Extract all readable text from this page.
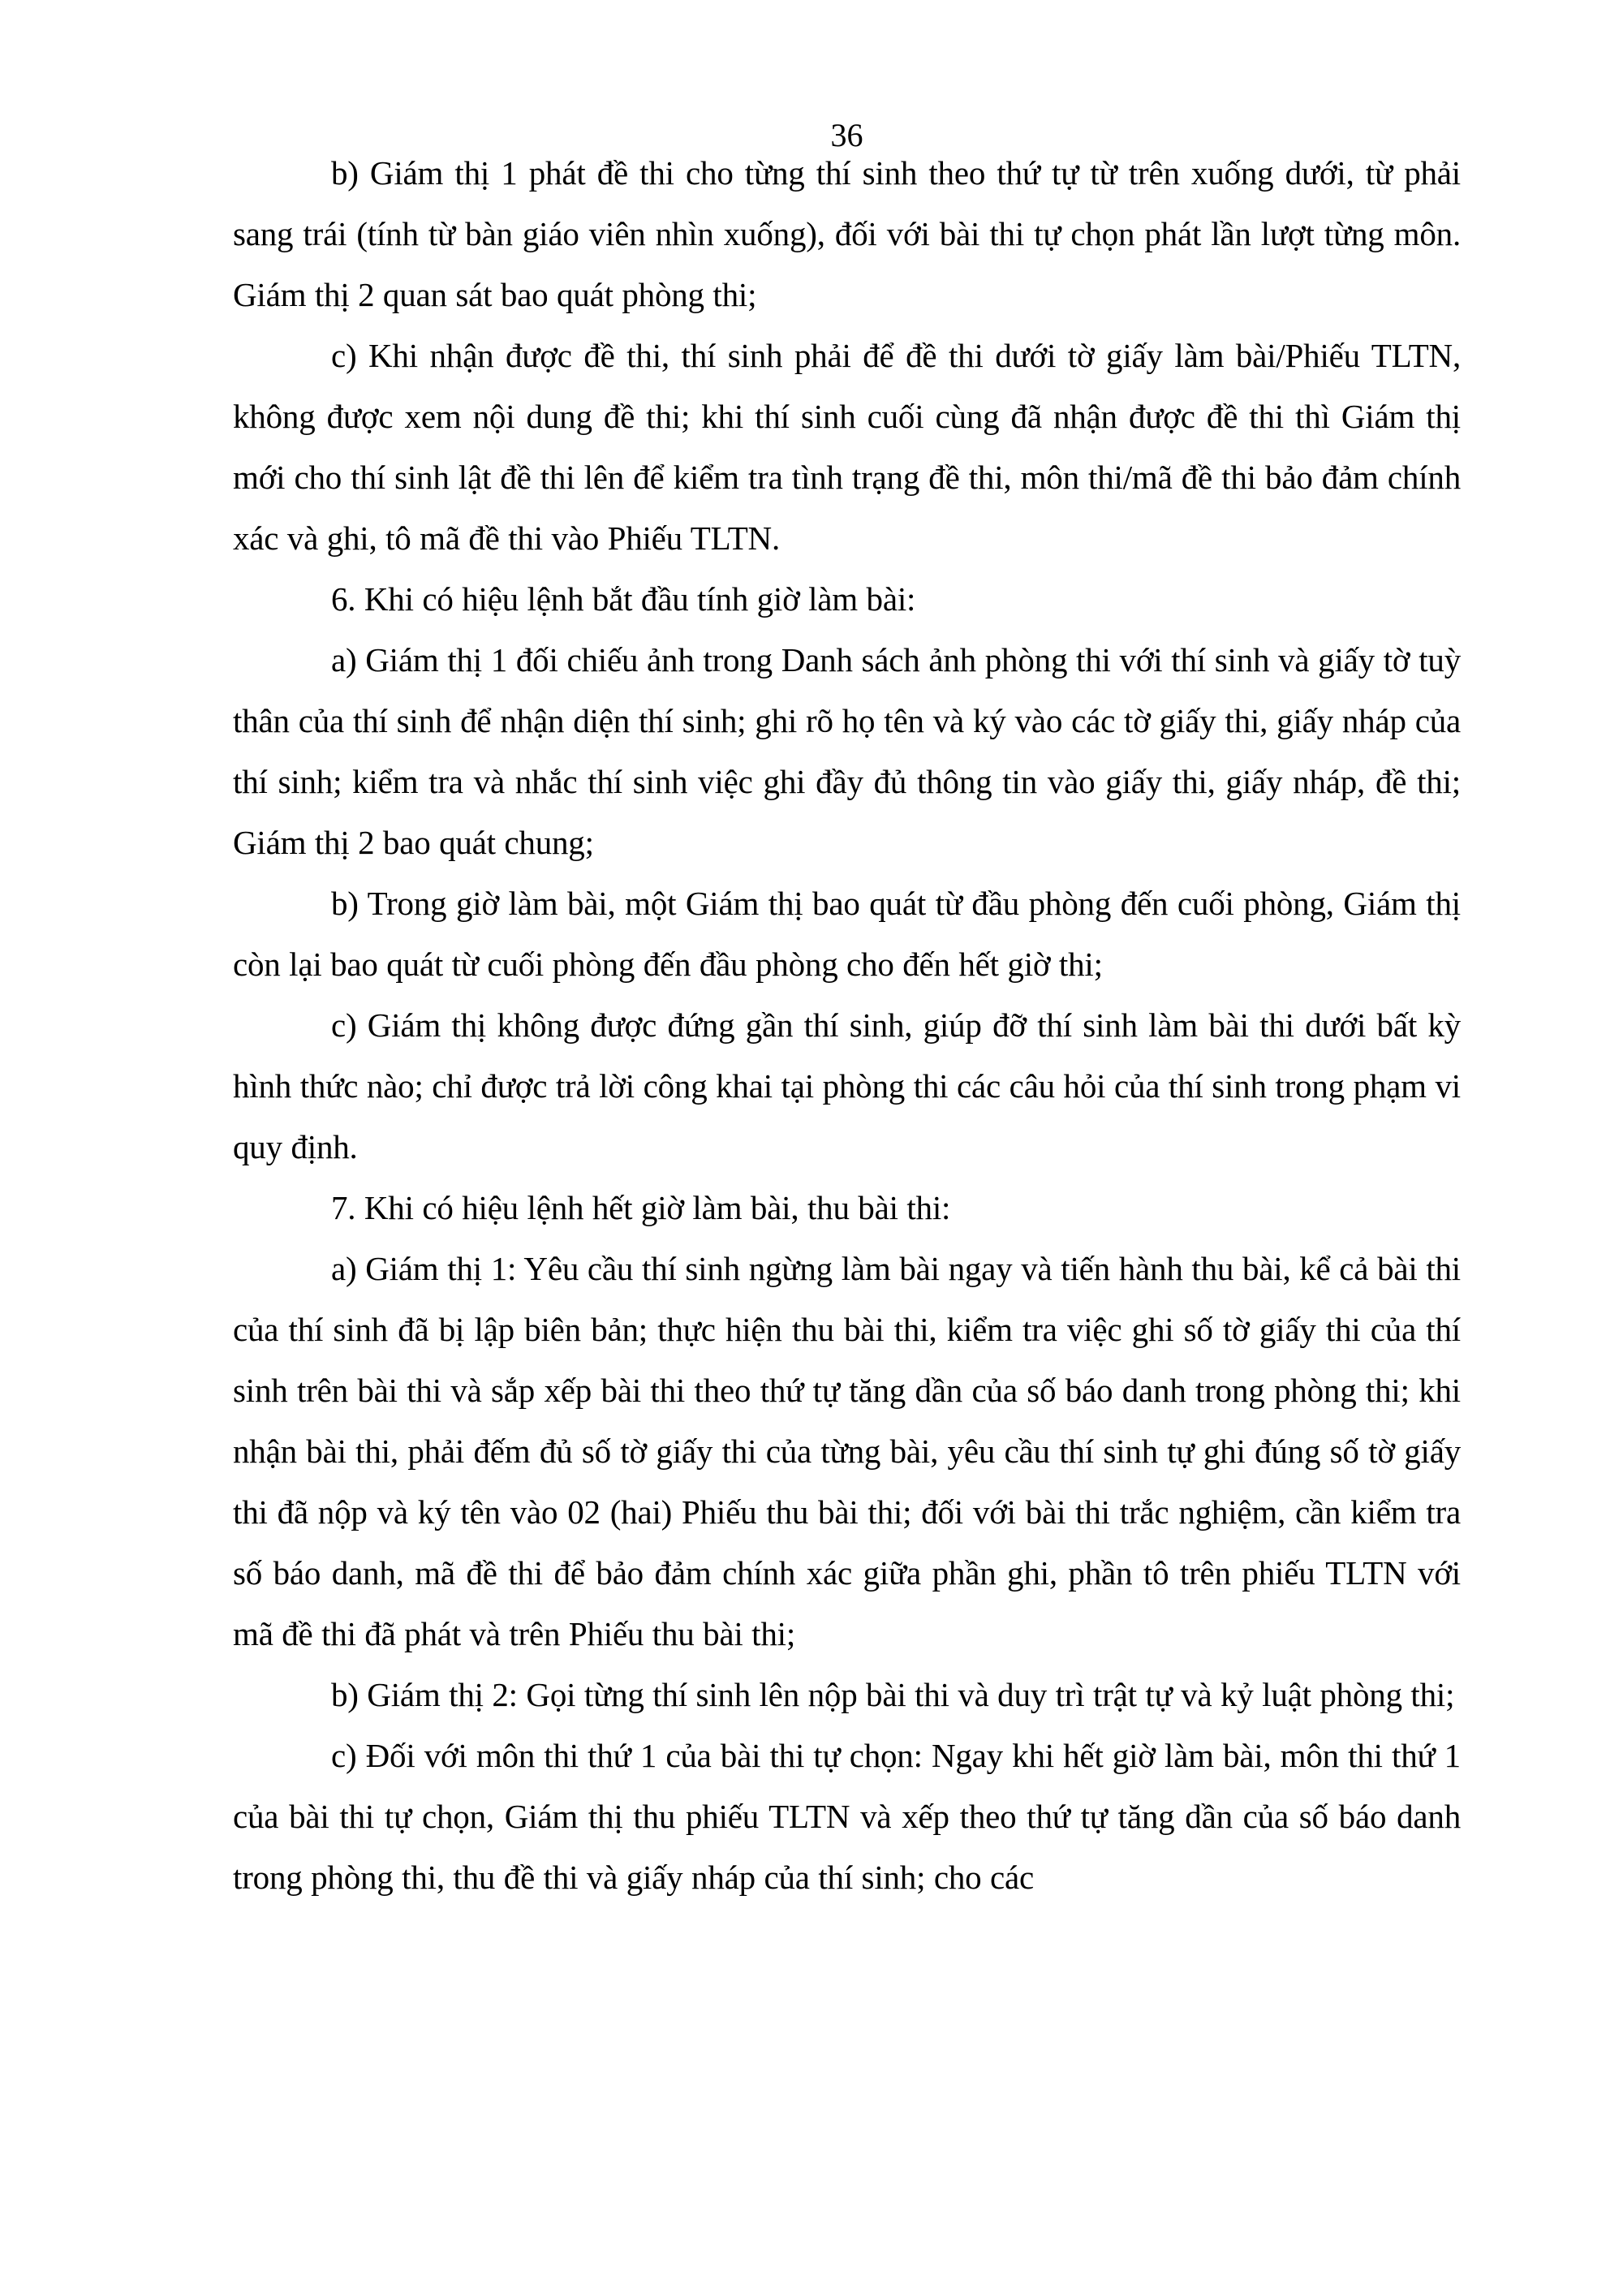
36

b) Giám thị 1 phát đề thi cho từng thí sinh theo thứ tự từ trên xuống dưới, từ phải sang trái (tính từ bàn giáo viên nhìn xuống), đối với bài thi tự chọn phát lần lượt từng môn. Giám thị 2 quan sát bao quát phòng thi;

c) Khi nhận được đề thi, thí sinh phải để đề thi dưới tờ giấy làm bài/Phiếu TLTN, không được xem nội dung đề thi; khi thí sinh cuối cùng đã nhận được đề thi thì Giám thị mới cho thí sinh lật đề thi lên để kiểm tra tình trạng đề thi, môn thi/mã đề thi bảo đảm chính xác và ghi, tô mã đề thi vào Phiếu TLTN.

6. Khi có hiệu lệnh bắt đầu tính giờ làm bài:

a) Giám thị 1 đối chiếu ảnh trong Danh sách ảnh phòng thi với thí sinh và giấy tờ tuỳ thân của thí sinh để nhận diện thí sinh; ghi rõ họ tên và ký vào các tờ giấy thi, giấy nháp của thí sinh; kiểm tra và nhắc thí sinh việc ghi đầy đủ thông tin vào giấy thi, giấy nháp, đề thi; Giám thị 2 bao quát chung;

b) Trong giờ làm bài, một Giám thị bao quát từ đầu phòng đến cuối phòng, Giám thị còn lại bao quát từ cuối phòng đến đầu phòng cho đến hết giờ thi;

c) Giám thị không được đứng gần thí sinh, giúp đỡ thí sinh làm bài thi dưới bất kỳ hình thức nào; chỉ được trả lời công khai tại phòng thi các câu hỏi của thí sinh trong phạm vi quy định.

7. Khi có hiệu lệnh hết giờ làm bài, thu bài thi:

a) Giám thị 1: Yêu cầu thí sinh ngừng làm bài ngay và tiến hành thu bài, kể cả bài thi của thí sinh đã bị lập biên bản; thực hiện thu bài thi, kiểm tra việc ghi số tờ giấy thi của thí sinh trên bài thi và sắp xếp bài thi theo thứ tự tăng dần của số báo danh trong phòng thi; khi nhận bài thi, phải đếm đủ số tờ giấy thi của từng bài, yêu cầu thí sinh tự ghi đúng số tờ giấy thi đã nộp và ký tên vào 02 (hai) Phiếu thu bài thi; đối với bài thi trắc nghiệm, cần kiểm tra số báo danh, mã đề thi để bảo đảm chính xác giữa phần ghi, phần tô trên phiếu TLTN với mã đề thi đã phát và trên Phiếu thu bài thi;

b) Giám thị 2: Gọi từng thí sinh lên nộp bài thi và duy trì trật tự và kỷ luật phòng thi;

c) Đối với môn thi thứ 1 của bài thi tự chọn: Ngay khi hết giờ làm bài, môn thi thứ 1 của bài thi tự chọn, Giám thị thu phiếu TLTN và xếp theo thứ tự tăng dần của số báo danh trong phòng thi, thu đề thi và giấy nháp của thí sinh; cho các
